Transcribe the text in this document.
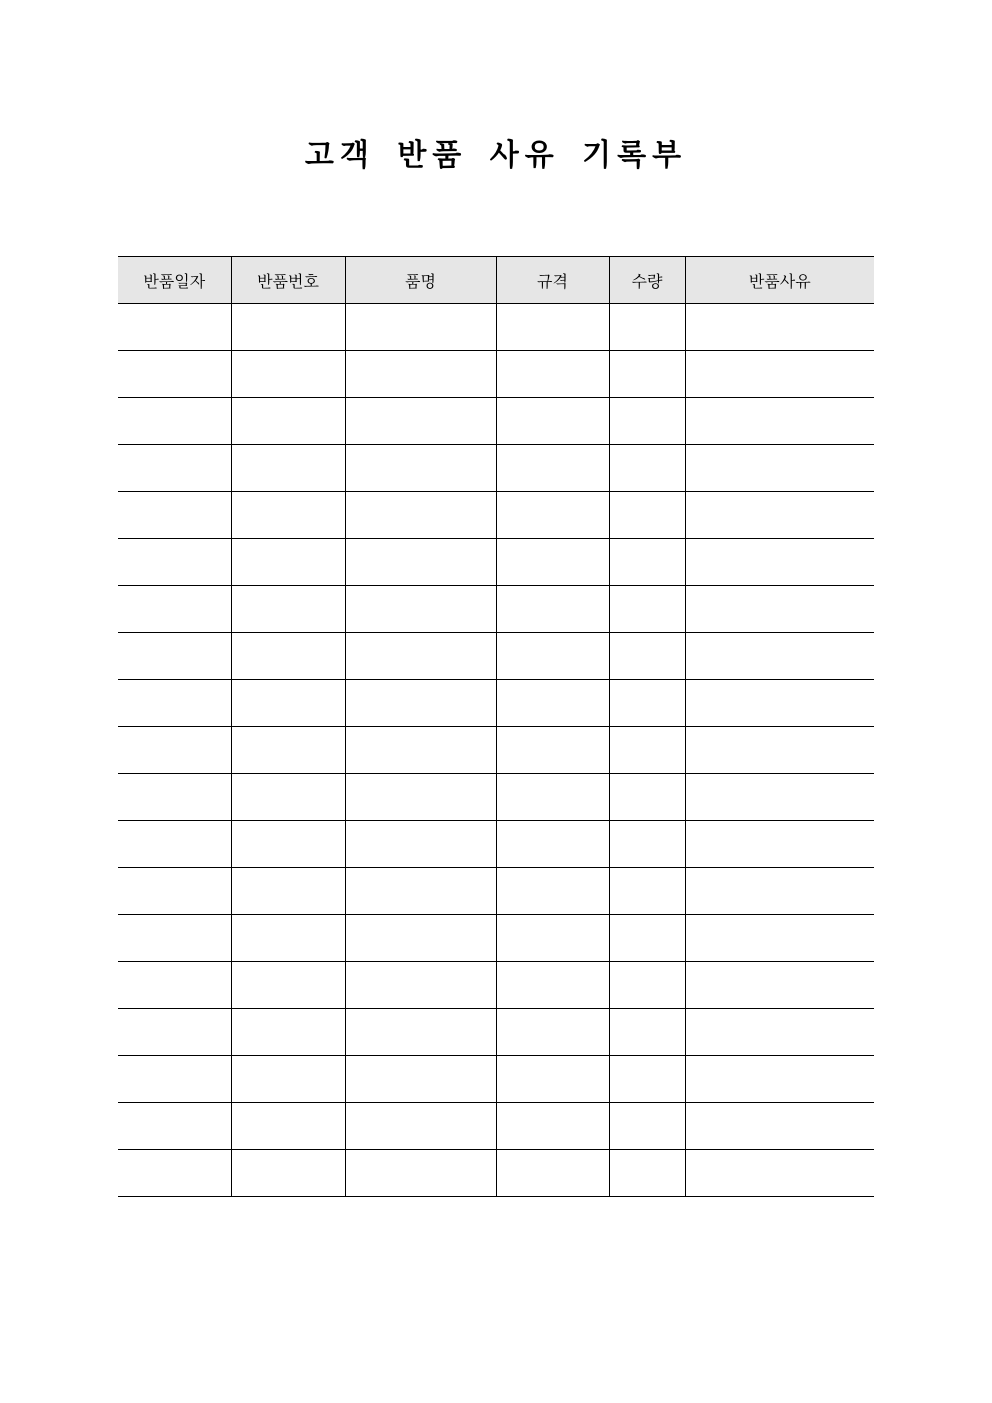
고객 반품 사유 기록부
반품일자	반품번호	품명	규격	수량	반품사유
